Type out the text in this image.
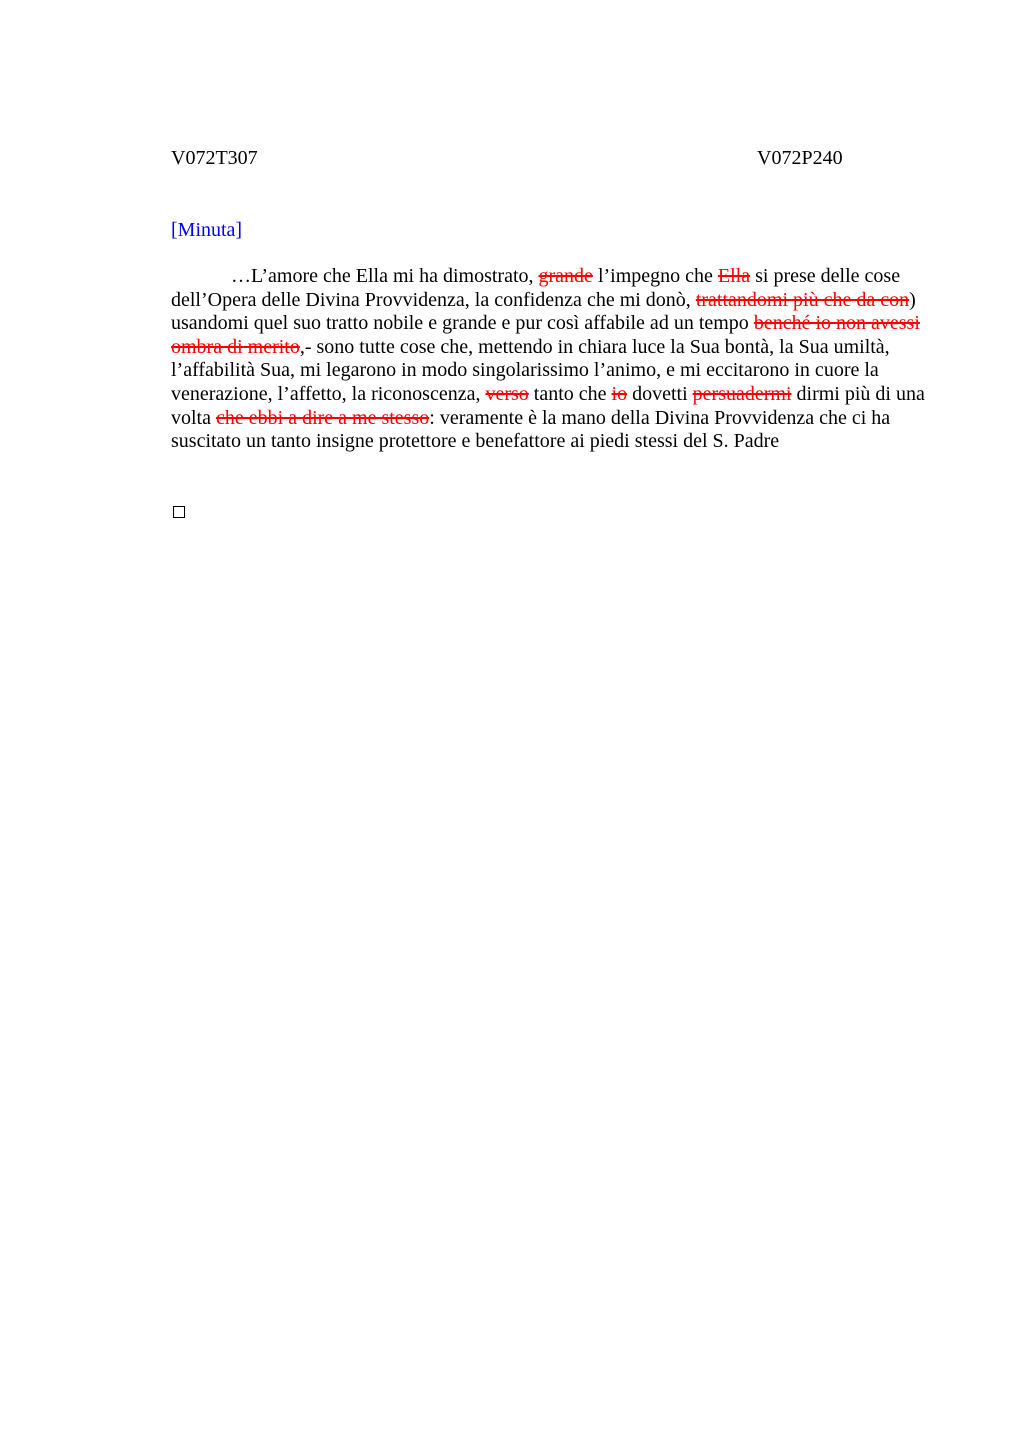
V072T307	V072P240
[Minuta]

…L’amore che Ella mi ha dimostrato, grande l’impegno che Ella si prese delle cose dell’Opera delle Divina Provvidenza, la confidenza che mi donò, trattandomi più che da con) usandomi quel suo tratto nobile e grande e pur così affabile ad un tempo benché io non avessi ombra di merito,- sono tutte cose che, mettendo in chiara luce la Sua bontà, la Sua umiltà, l’affabilità Sua, mi legarono in modo singolarissimo l’animo, e mi eccitarono in cuore la venerazione, l’affetto, la riconoscenza, verso tanto che io dovetti persuadermi dirmi più di una volta che ebbi a dire a me stesso: veramente è la mano della Divina Provvidenza che ci ha suscitato un tanto insigne protettore e benefattore ai piedi stessi del S. Padre
